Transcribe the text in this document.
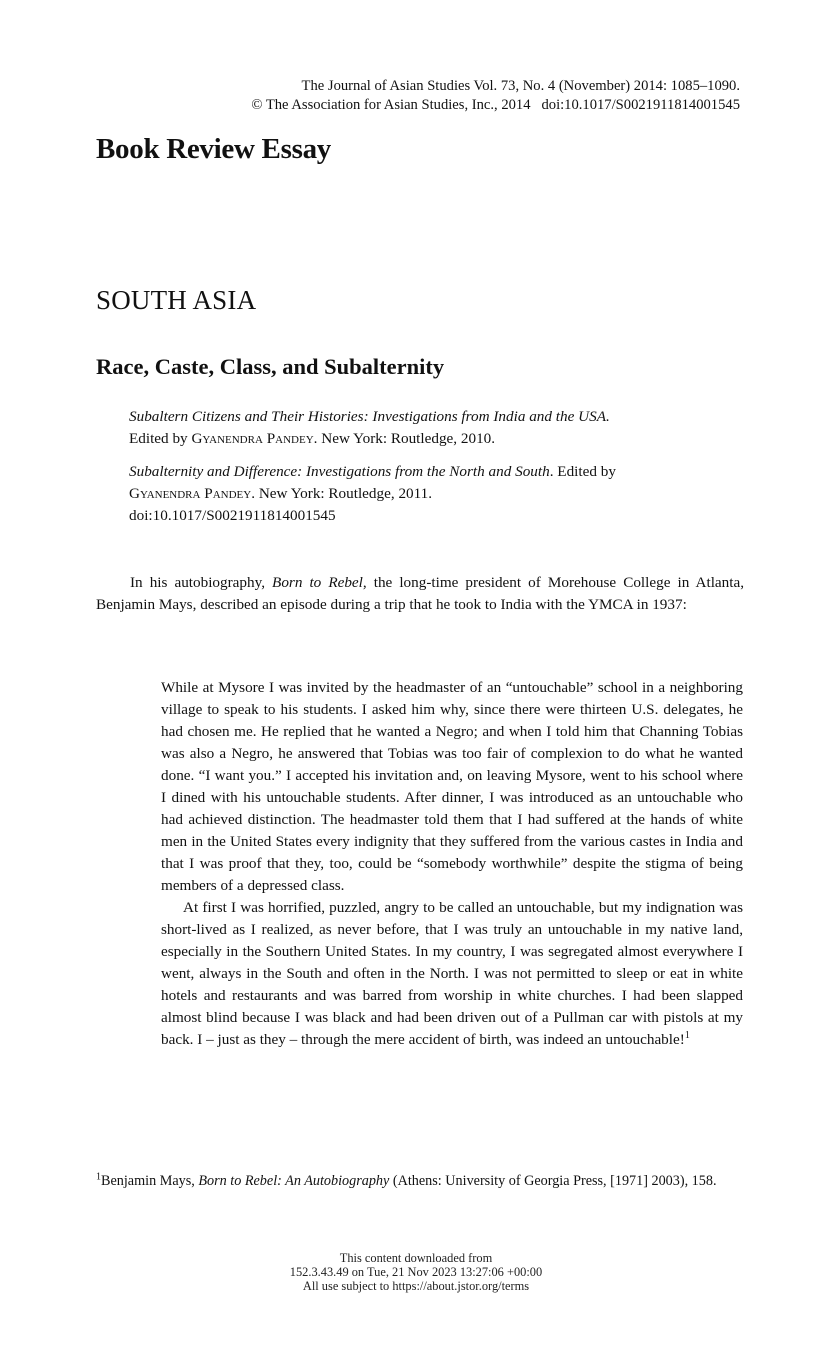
The Journal of Asian Studies Vol. 73, No. 4 (November) 2014: 1085–1090.
© The Association for Asian Studies, Inc., 2014   doi:10.1017/S0021911814001545
Book Review Essay
SOUTH ASIA
Race, Caste, Class, and Subalternity

Subaltern Citizens and Their Histories: Investigations from India and the USA.
Edited by Gyanendra Pandey. New York: Routledge, 2010.

Subalternity and Difference: Investigations from the North and South. Edited by
Gyanendra Pandey. New York: Routledge, 2011.
doi:10.1017/S0021911814001545

In his autobiography, Born to Rebel, the long-time president of Morehouse College in Atlanta, Benjamin Mays, described an episode during a trip that he took to India with the YMCA in 1937:

While at Mysore I was invited by the headmaster of an “untouchable” school in a neighboring village to speak to his students. I asked him why, since there were thirteen U.S. delegates, he had chosen me. He replied that he wanted a Negro; and when I told him that Channing Tobias was also a Negro, he answered that Tobias was too fair of complexion to do what he wanted done. “I want you.” I accepted his invitation and, on leaving Mysore, went to his school where I dined with his untouchable students. After dinner, I was introduced as an untouchable who had achieved distinction. The headmaster told them that I had suffered at the hands of white men in the United States every indignity that they suffered from the various castes in India and that I was proof that they, too, could be “somebody worthwhile” despite the stigma of being members of a depressed class.

At first I was horrified, puzzled, angry to be called an untouchable, but my indignation was short-lived as I realized, as never before, that I was truly an untouchable in my native land, especially in the Southern United States. In my country, I was segregated almost everywhere I went, always in the South and often in the North. I was not permitted to sleep or eat in white hotels and restaurants and was barred from worship in white churches. I had been slapped almost blind because I was black and had been driven out of a Pullman car with pistols at my back. I – just as they – through the mere accident of birth, was indeed an untouchable!$^1$

$^1$Benjamin Mays, Born to Rebel: An Autobiography (Athens: University of Georgia Press, [1971] 2003), 158.
This content downloaded from
152.3.43.49 on Tue, 21 Nov 2023 13:27:06 +00:00
All use subject to https://about.jstor.org/terms
